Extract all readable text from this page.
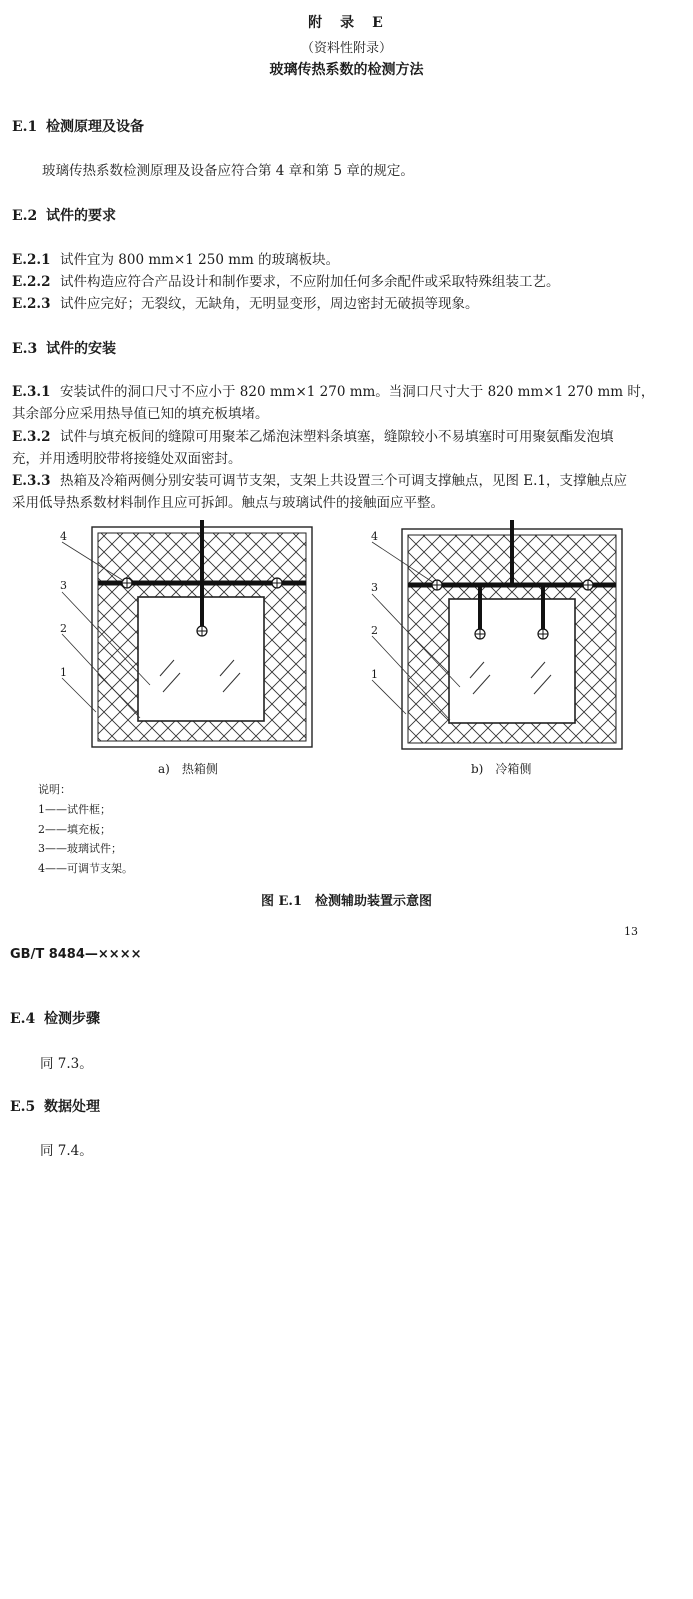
附　录　E
（资料性附录）
玻璃传热系数的检测方法
E.1 检测原理及设备
玻璃传热系数检测原理及设备应符合第 4 章和第 5 章的规定。
E.2 试件的要求
E.2.1 试件宜为 800 mm×1 250 mm 的玻璃板块。
E.2.2 试件构造应符合产品设计和制作要求，不应附加任何多余配件或采取特殊组装工艺。
E.2.3 试件应完好；无裂纹，无缺角，无明显变形，周边密封无破损等现象。
E.3 试件的安装
E.3.1 安装试件的洞口尺寸不应小于 820 mm×1 270 mm。当洞口尺寸大于 820 mm×1 270 mm 时，
其余部分应采用热导值已知的填充板填堵。
E.3.2 试件与填充板间的缝隙可用聚苯乙烯泡沫塑料条填塞，缝隙较小不易填塞时可用聚氨酯发泡填
充，并用透明胶带将接缝处双面密封。
E.3.3 热箱及冷箱两侧分别安装可调节支架，支架上共设置三个可调支撑触点，见图 E.1，支撑触点应
采用低导热系数材料制作且应可拆卸。触点与玻璃试件的接触面应平整。
4
3
2
1
4
3
2
1
a)　热箱侧	b)　冷箱侧
说明：
1——试件框；
2——填充板；
3——玻璃试件；
4——可调节支架。
图 E.1　检测辅助装置示意图
13
GB/T 8484—××××
E.4 检测步骤
同 7.3。
E.5 数据处理
同 7.4。
